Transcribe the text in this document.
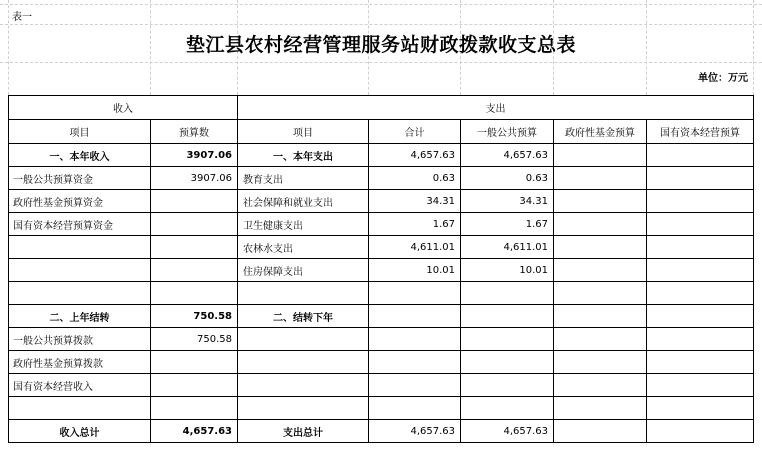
表一
垫江县农村经营管理服务站财政拨款收支总表
单位：万元
收入		支出				
项目	预算数	项目	合计	一般公共预算	政府性基金预算	国有资本经营预算
一、本年收入	3907.06	一、本年支出	4,657.63	4,657.63		
一般公共预算资金	3907.06	教育支出	0.63	0.63		
政府性基金预算资金		社会保障和就业支出	34.31	34.31		
国有资本经营预算资金		卫生健康支出	1.67	1.67		
		农林水支出	4,611.01	4,611.01		
		住房保障支出	10.01	10.01		

二、上年结转	750.58	二、结转下年				
一般公共预算拨款	750.58					
政府性基金预算拨款						
国有资本经营收入						

收入总计	4,657.63	支出总计	4,657.63	4,657.63		
